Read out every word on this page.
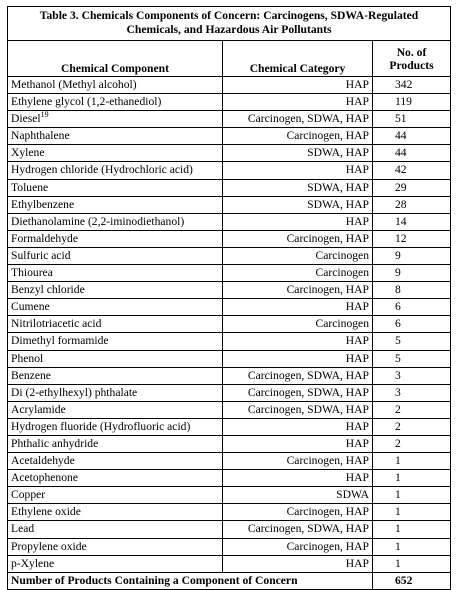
Table 3. Chemicals Components of Concern: Carcinogens, SDWA-Regulated
Chemicals, and Hazardous Air Pollutants		
Chemical Component	Chemical Category	No. of
Products
Methanol (Methyl alcohol)	HAP	342
Ethylene glycol (1,2-ethanediol)	HAP	119
Diesel$^{19}$	Carcinogen, SDWA, HAP	51
Naphthalene	Carcinogen, HAP	44
Xylene	SDWA, HAP	44
Hydrogen chloride (Hydrochloric acid)	HAP	42
Toluene	SDWA, HAP	29
Ethylbenzene	SDWA, HAP	28
Diethanolamine (2,2-iminodiethanol)	HAP	14
Formaldehyde	Carcinogen, HAP	12
Sulfuric acid	Carcinogen	9
Thiourea	Carcinogen	9
Benzyl chloride	Carcinogen, HAP	8
Cumene	HAP	6
Nitrilotriacetic acid	Carcinogen	6
Dimethyl formamide	HAP	5
Phenol	HAP	5
Benzene	Carcinogen, SDWA, HAP	3
Di (2-ethylhexyl) phthalate	Carcinogen, SDWA, HAP	3
Acrylamide	Carcinogen, SDWA, HAP	2
Hydrogen fluoride (Hydrofluoric acid)	HAP	2
Phthalic anhydride	HAP	2
Acetaldehyde	Carcinogen, HAP	1
Acetophenone	HAP	1
Copper	SDWA	1
Ethylene oxide	Carcinogen, HAP	1
Lead	Carcinogen, SDWA, HAP	1
Propylene oxide	Carcinogen, HAP	1
p-Xylene	HAP	1
Number of Products Containing a Component of Concern		652
